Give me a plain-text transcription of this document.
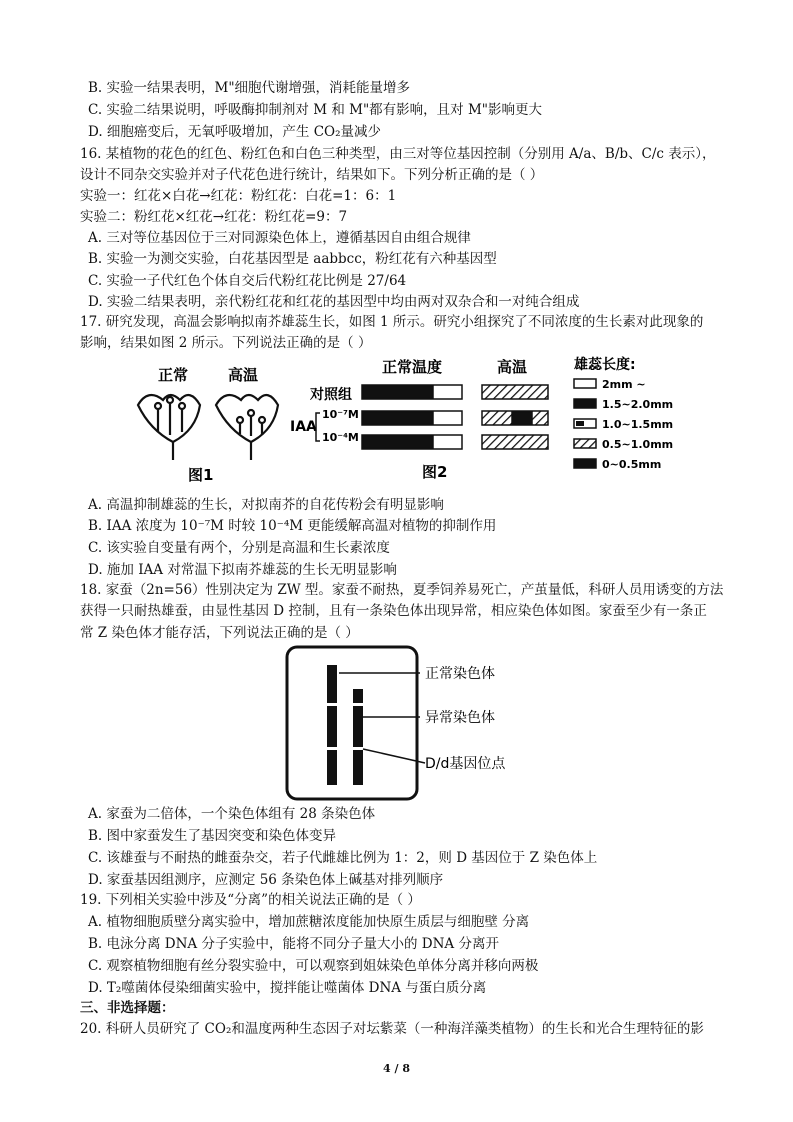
B. 实验一结果表明，M"细胞代谢增强，消耗能量增多
C. 实验二结果说明，呼吸酶抑制剂对 M 和 M"都有影响，且对 M"影响更大
D. 细胞癌变后，无氧呼吸增加，产生 CO₂量减少
16. 某植物的花色的红色、粉红色和白色三种类型，由三对等位基因控制（分别用 A/a、B/b、C/c 表示），
设计不同杂交实验并对子代花色进行统计，结果如下。下列分析正确的是（ ）
实验一：红花×白花→红花：粉红花：白花=1：6：1
实验二：粉红花×红花→红花：粉红花=9：7
A. 三对等位基因位于三对同源染色体上，遵循基因自由组合规律
B. 实验一为测交实验，白花基因型是 aabbcc，粉红花有六种基因型
C. 实验一子代红色个体自交后代粉红花比例是 27/64
D. 实验二结果表明，亲代粉红花和红花的基因型中均由两对双杂合和一对纯合组成
17. 研究发现，高温会影响拟南芥雄蕊生长，如图 1 所示。研究小组探究了不同浓度的生长素对此现象的
影响，结果如图 2 所示。下列说法正确的是（ ）
正常	高温
图1
正常温度	高温
对照组
IAA
10⁻⁷M
10⁻⁴M
雄蕊长度:
2mm ~
1.5~2.0mm
1.0~1.5mm
0.5~1.0mm
0~0.5mm
图2
A. 高温抑制雄蕊的生长，对拟南芥的自花传粉会有明显影响
B. IAA 浓度为 10⁻⁷M 时较 10⁻⁴M 更能缓解高温对植物的抑制作用
C. 该实验自变量有两个，分别是高温和生长素浓度
D. 施加 IAA 对常温下拟南芥雄蕊的生长无明显影响
18. 家蚕（2n=56）性别决定为 ZW 型。家蚕不耐热，夏季饲养易死亡，产茧量低，科研人员用诱变的方法
获得一只耐热雄蚕，由显性基因 D 控制，且有一条染色体出现异常，相应染色体如图。家蚕至少有一条正
常 Z 染色体才能存活，下列说法正确的是（ ）
正常染色体
异常染色体
D/d基因位点
A. 家蚕为二倍体，一个染色体组有 28 条染色体
B. 图中家蚕发生了基因突变和染色体变异
C. 该雄蚕与不耐热的雌蚕杂交，若子代雌雄比例为 1：2，则 D 基因位于 Z 染色体上
D. 家蚕基因组测序，应测定 56 条染色体上碱基对排列顺序
19. 下列相关实验中涉及“分离”的相关说法正确的是（ ）
A. 植物细胞质壁分离实验中，增加蔗糖浓度能加快原生质层与细胞壁 分离
B. 电泳分离 DNA 分子实验中，能将不同分子量大小的 DNA 分离开
C. 观察植物细胞有丝分裂实验中，可以观察到姐妹染色单体分离并移向两极
D. T₂噬菌体侵染细菌实验中，搅拌能让噬菌体 DNA 与蛋白质分离
三、非选择题：
20. 科研人员研究了 CO₂和温度两种生态因子对坛紫菜（一种海洋藻类植物）的生长和光合生理特征的影
4 / 8
